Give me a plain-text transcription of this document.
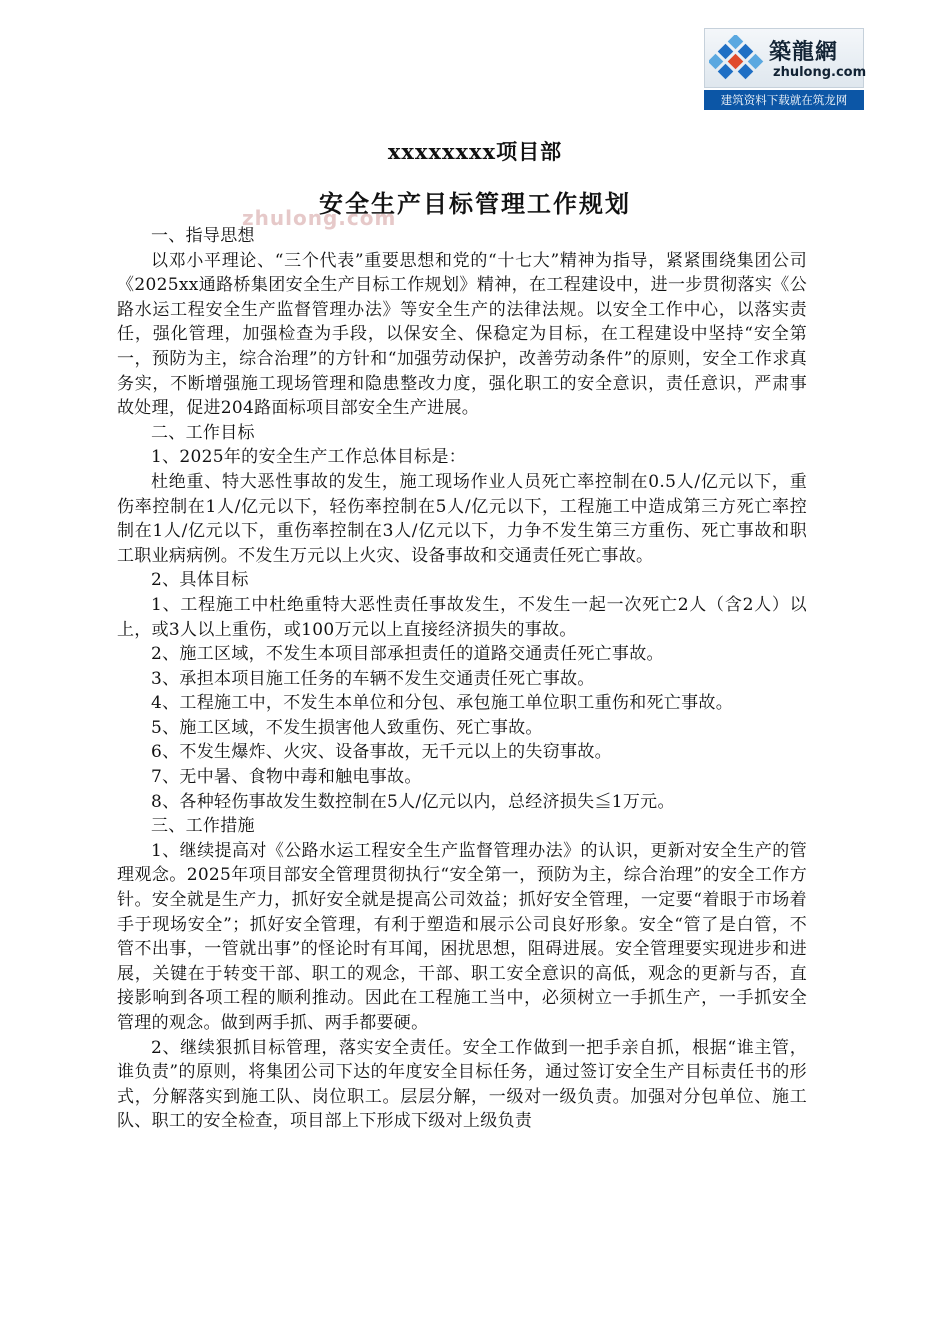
築龍網
zhulong.com
建筑资料下载就在筑龙网
xxxxxxxx项目部
zhulong.com
安全生产目标管理工作规划

一、指导思想

以邓小平理论、“三个代表”重要思想和党的“十七大”精神为指导，紧紧围绕集团公司《2025xx通路桥集团安全生产目标工作规划》精神，在工程建设中，进一步贯彻落实《公路水运工程安全生产监督管理办法》等安全生产的法律法规。以安全工作中心，以落实责任，强化管理，加强检查为手段，以保安全、保稳定为目标，在工程建设中坚持“安全第一，预防为主，综合治理”的方针和“加强劳动保护，改善劳动条件”的原则，安全工作求真务实，不断增强施工现场管理和隐患整改力度，强化职工的安全意识，责任意识，严肃事故处理，促进204路面标项目部安全生产进展。

二、工作目标

1、2025年的安全生产工作总体目标是：

杜绝重、特大恶性事故的发生，施工现场作业人员死亡率控制在0.5人/亿元以下，重伤率控制在1人/亿元以下，轻伤率控制在5人/亿元以下，工程施工中造成第三方死亡率控制在1人/亿元以下，重伤率控制在3人/亿元以下，力争不发生第三方重伤、死亡事故和职工职业病病例。不发生万元以上火灾、设备事故和交通责任死亡事故。

2、具体目标

1、工程施工中杜绝重特大恶性责任事故发生，不发生一起一次死亡2人（含2人）以上，或3人以上重伤，或100万元以上直接经济损失的事故。

2、施工区域，不发生本项目部承担责任的道路交通责任死亡事故。

3、承担本项目施工任务的车辆不发生交通责任死亡事故。

4、工程施工中，不发生本单位和分包、承包施工单位职工重伤和死亡事故。

5、施工区域，不发生损害他人致重伤、死亡事故。

6、不发生爆炸、火灾、设备事故，无千元以上的失窃事故。

7、无中暑、食物中毒和触电事故。

8、各种轻伤事故发生数控制在5人/亿元以内，总经济损失≦1万元。

三、工作措施

1、继续提高对《公路水运工程安全生产监督管理办法》的认识，更新对安全生产的管理观念。2025年项目部安全管理贯彻执行“安全第一，预防为主，综合治理”的安全工作方针。安全就是生产力，抓好安全就是提高公司效益；抓好安全管理，一定要“着眼于市场着手于现场安全”；抓好安全管理，有利于塑造和展示公司良好形象。安全“管了是白管，不管不出事，一管就出事”的怪论时有耳闻，困扰思想，阻碍进展。安全管理要实现进步和进展，关键在于转变干部、职工的观念，干部、职工安全意识的高低，观念的更新与否，直接影响到各项工程的顺利推动。因此在工程施工当中，必须树立一手抓生产，一手抓安全管理的观念。做到两手抓、两手都要硬。

2、继续狠抓目标管理，落实安全责任。安全工作做到一把手亲自抓，根据“谁主管，谁负责”的原则，将集团公司下达的年度安全目标任务，通过签订安全生产目标责任书的形式，分解落实到施工队、岗位职工。层层分解，一级对一级负责。加强对分包单位、施工队、职工的安全检查，项目部上下形成下级对上级负责
